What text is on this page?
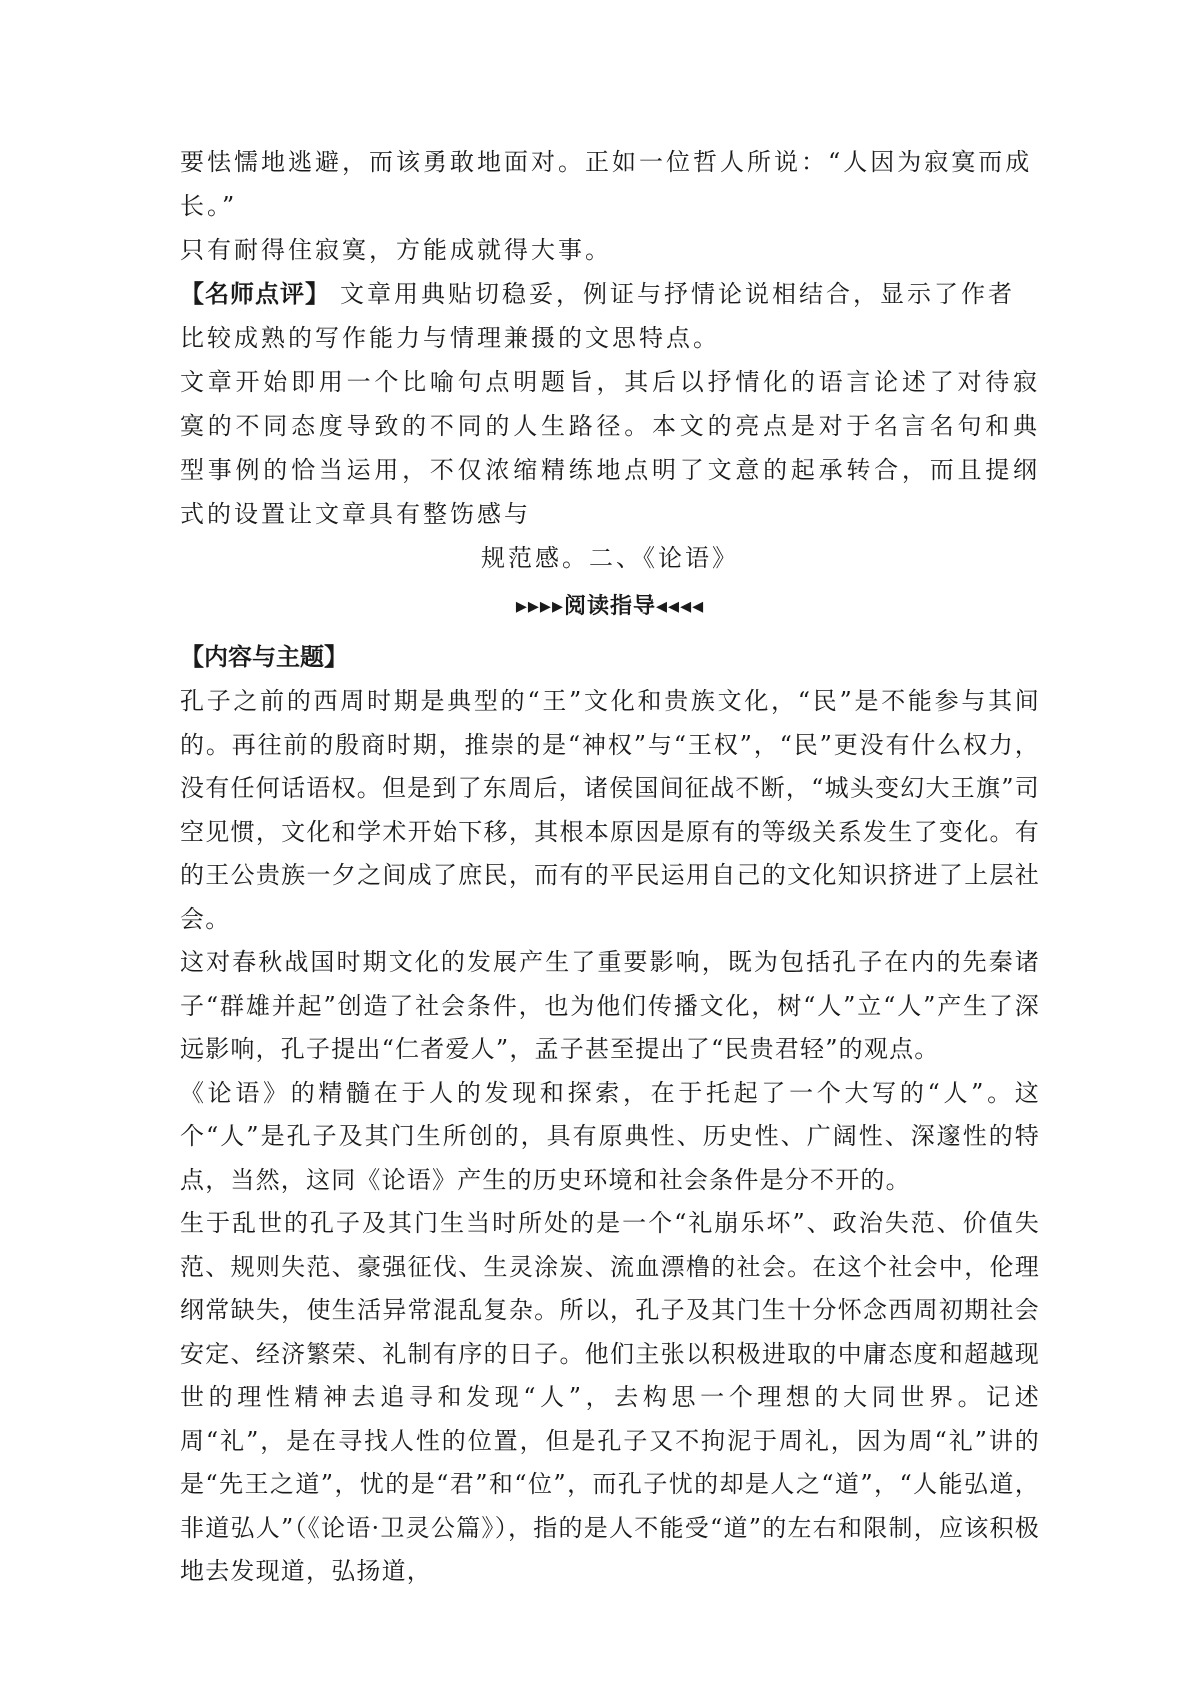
要怯懦地逃避，而该勇敢地面对。正如一位哲人所说：“人因为寂寞而成长。”

只有耐得住寂寞，方能成就得大事。

【名师点评】 文章用典贴切稳妥，例证与抒情论说相结合，显示了作者比较成熟的写作能力与情理兼摄的文思特点。

文章开始即用一个比喻句点明题旨，其后以抒情化的语言论述了对待寂寞的不同态度导致的不同的人生路径。本文的亮点是对于名言名句和典型事例的恰当运用，不仅浓缩精练地点明了文意的起承转合，而且提纲式的设置让文章具有整饬感与

规范感。二、《论语》

▸▸▸▸阅读指导◂◂◂◂

【内容与主题】

孔子之前的西周时期是典型的“王”文化和贵族文化，“民”是不能参与其间的。再往前的殷商时期，推崇的是“神权”与“王权”，“民”更没有什么权力，没有任何话语权。但是到了东周后，诸侯国间征战不断，“城头变幻大王旗”司空见惯，文化和学术开始下移，其根本原因是原有的等级关系发生了变化。有的王公贵族一夕之间成了庶民，而有的平民运用自己的文化知识挤进了上层社会。

这对春秋战国时期文化的发展产生了重要影响，既为包括孔子在内的先秦诸子“群雄并起”创造了社会条件，也为他们传播文化，树“人”立“人”产生了深远影响，孔子提出“仁者爱人”，孟子甚至提出了“民贵君轻”的观点。

《论语》的精髓在于人的发现和探索，在于托起了一个大写的“人”。这个“人”是孔子及其门生所创的，具有原典性、历史性、广阔性、深邃性的特点，当然，这同《论语》产生的历史环境和社会条件是分不开的。

生于乱世的孔子及其门生当时所处的是一个“礼崩乐坏”、政治失范、价值失范、规则失范、豪强征伐、生灵涂炭、流血漂橹的社会。在这个社会中，伦理纲常缺失，使生活异常混乱复杂。所以，孔子及其门生十分怀念西周初期社会安定、经济繁荣、礼制有序的日子。他们主张以积极进取的中庸态度和超越现世的理性精神去追寻和发现“人”，去构思一个理想的大同世界。记述周“礼”，是在寻找人性的位置，但是孔子又不拘泥于周礼，因为周“礼”讲的是“先王之道”，忧的是“君”和“位”，而孔子忧的却是人之“道”，“人能弘道，非道弘人”（《论语·卫灵公篇》），指的是人不能受“道”的左右和限制，应该积极地去发现道，弘扬道，
